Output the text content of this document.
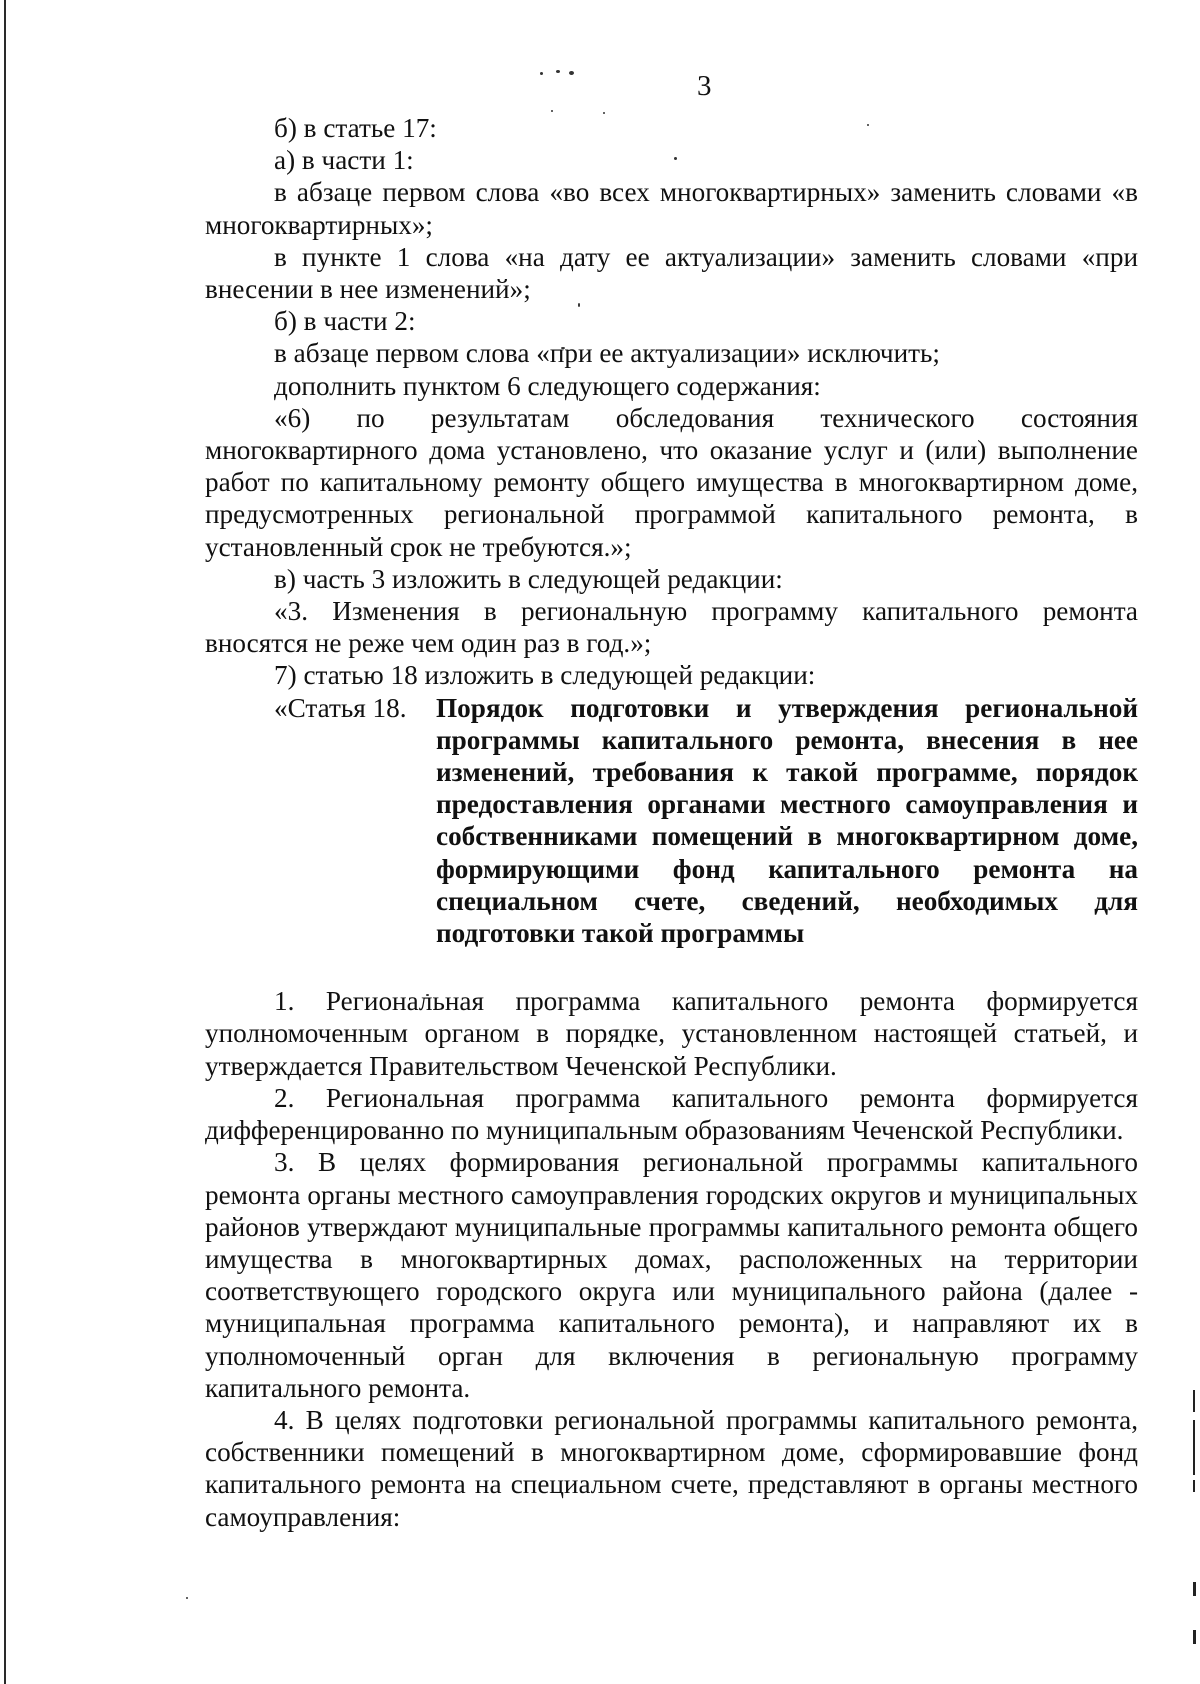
3

б) в статье 17:

а) в части 1:

в абзаце первом слова «во всех многоквартирных» заменить словами «в многоквартирных»;

в пункте 1 слова «на дату ее актуализации» заменить словами «при внесении в нее изменений»;

б) в части 2:

в абзаце первом слова «при ее актуализации» исключить;

дополнить пунктом 6 следующего содержания:

«6) по результатам обследования технического состояния многоквартирного дома установлено, что оказание услуг и (или) выполнение работ по капитальному ремонту общего имущества в многоквартирном доме, предусмотренных региональной программой капитального ремонта, в установленный срок не требуются.»;

в) часть 3 изложить в следующей редакции:

«3. Изменения в региональную программу капитального ремонта вносятся не реже чем один раз в год.»;

7) статью 18 изложить в следующей редакции:

«Статья 18.	Порядок подготовки и утверждения региональной программы капитального ремонта, внесения в нее изменений, требования к такой программе, порядок предоставления органами местного самоуправления и собственниками помещений в многоквартирном доме, формирующими фонд капитального ремонта на специальном счете, сведений, необходимых для подготовки такой программы

1. Региональная программа капитального ремонта формируется уполномоченным органом в порядке, установленном настоящей статьей, и утверждается Правительством Чеченской Республики.

2. Региональная программа капитального ремонта формируется дифференцированно по муниципальным образованиям Чеченской Республики.

3. В целях формирования региональной программы капитального ремонта органы местного самоуправления городских округов и муниципальных районов утверждают муниципальные программы капитального ремонта общего имущества в многоквартирных домах, расположенных на территории соответствующего городского округа или муниципального района (далее - муниципальная программа капитального ремонта), и направляют их в уполномоченный орган для включения в региональную программу капитального ремонта.

4. В целях подготовки региональной программы капитального ремонта, собственники помещений в многоквартирном доме, сформировавшие фонд капитального ремонта на специальном счете, представляют в органы местного самоуправления:
